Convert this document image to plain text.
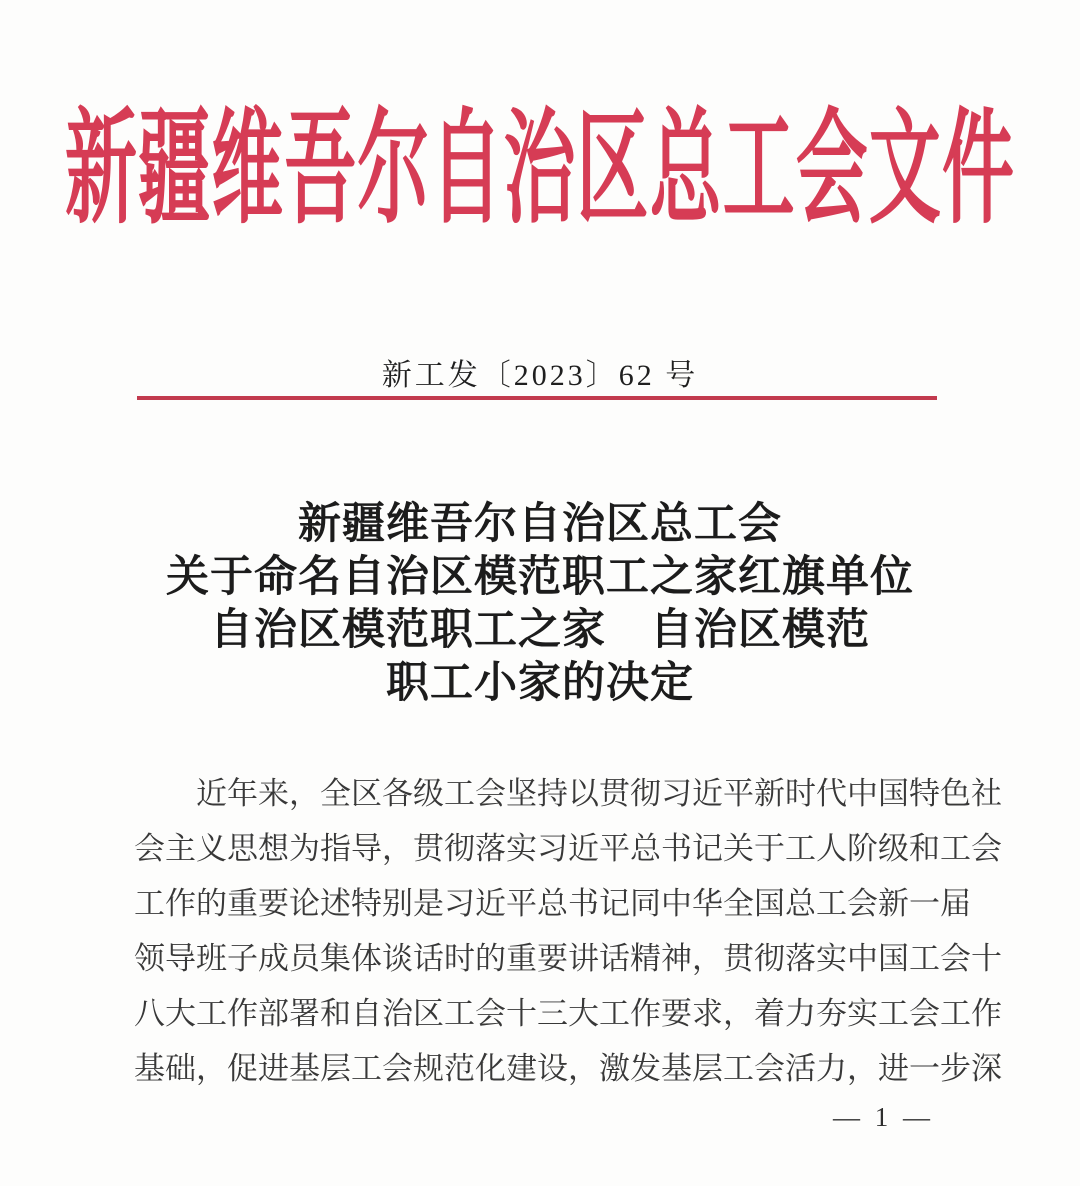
新疆维吾尔自治区总工会文件
新工发〔2023〕62 号
新疆维吾尔自治区总工会
关于命名自治区模范职工之家红旗单位
自治区模范职工之家　自治区模范
职工小家的决定
近年来，全区各级工会坚持以贯彻习近平新时代中国特色社
会主义思想为指导，贯彻落实习近平总书记关于工人阶级和工会
工作的重要论述特别是习近平总书记同中华全国总工会新一届
领导班子成员集体谈话时的重要讲话精神，贯彻落实中国工会十
八大工作部署和自治区工会十三大工作要求，着力夯实工会工作
基础，促进基层工会规范化建设，激发基层工会活力，进一步深
— 1 —
